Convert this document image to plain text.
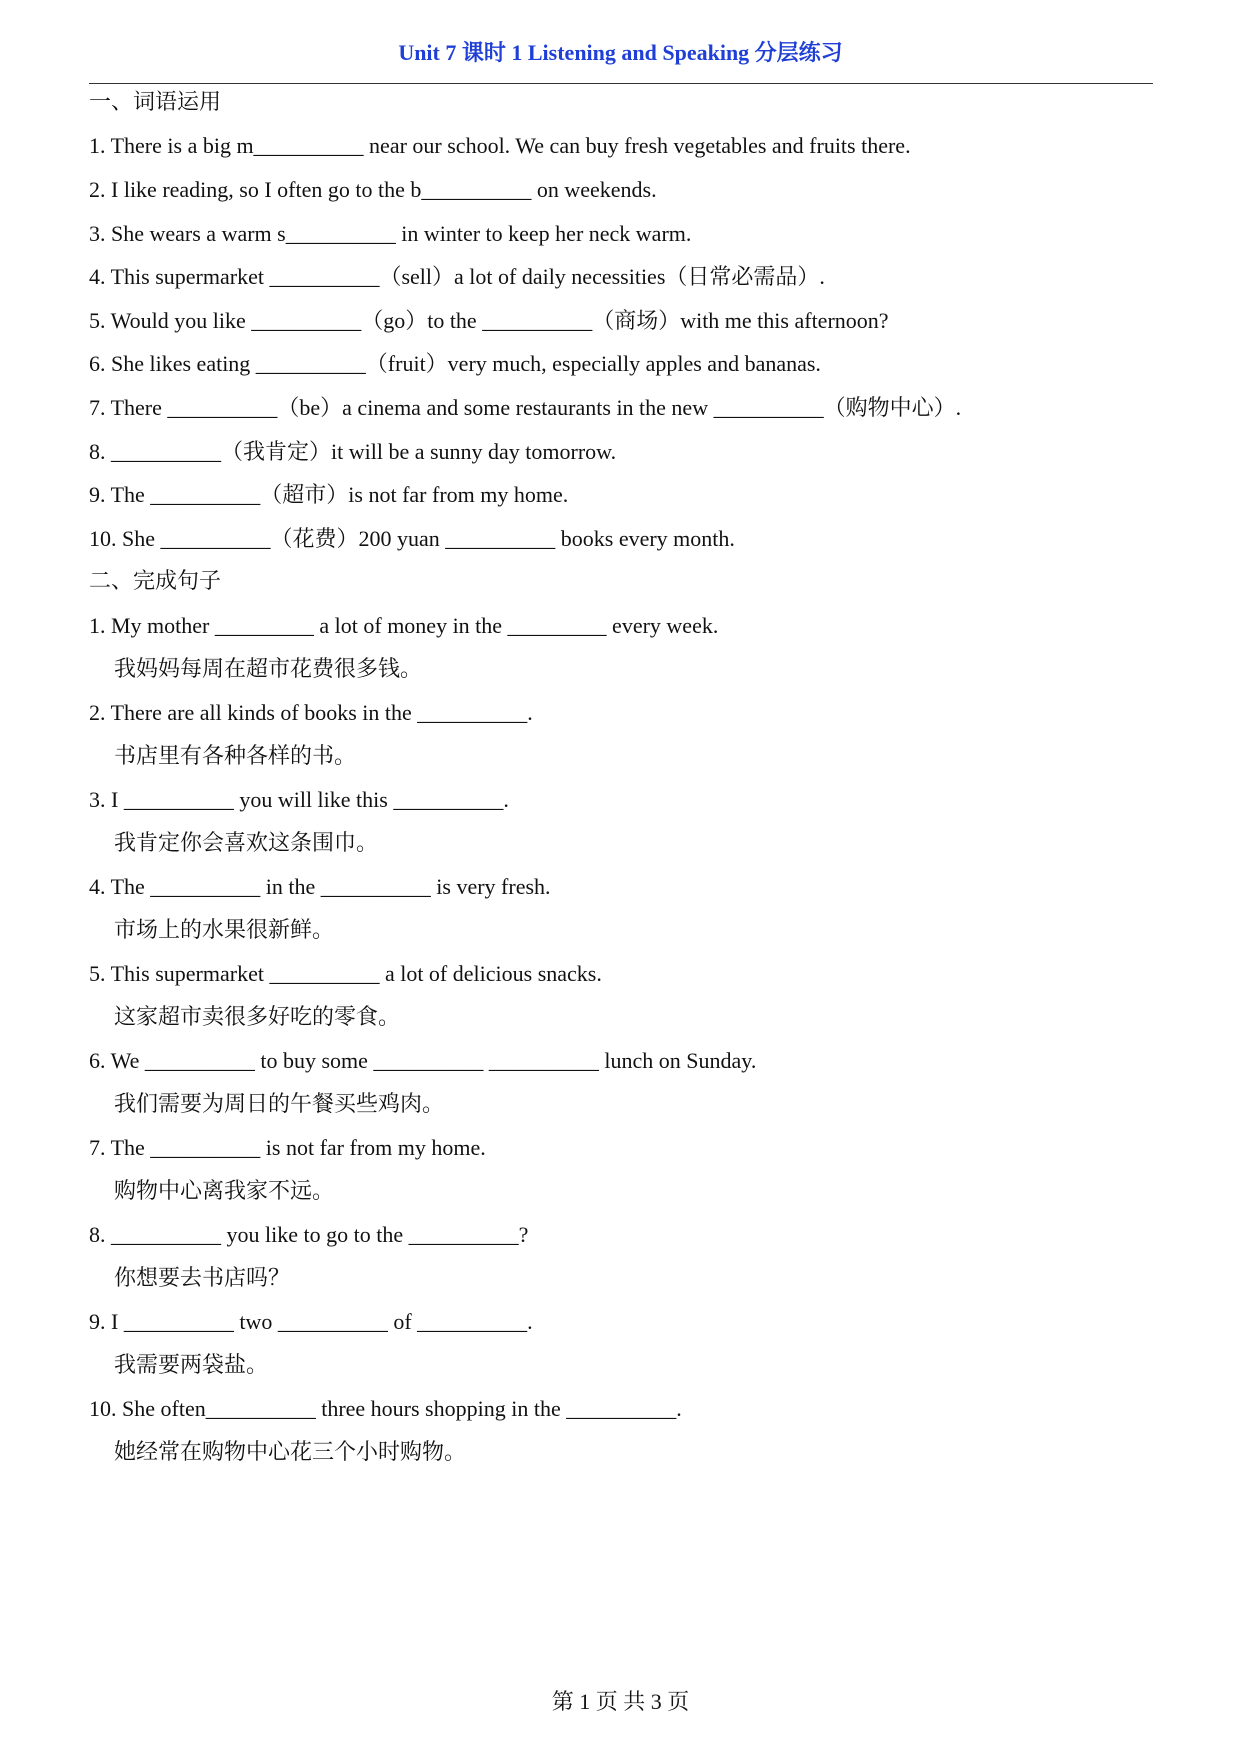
Unit 7 课时 1 Listening and Speaking 分层练习
一、词语运用
1. There is a big m__________ near our school. We can buy fresh vegetables and fruits there.
2. I like reading, so I often go to the b__________ on weekends.
3. She wears a warm s__________ in winter to keep her neck warm.
4. This supermarket __________（sell）a lot of daily necessities（日常必需品）.
5. Would you like __________（go）to the __________（商场）with me this afternoon?
6. She likes eating __________（fruit）very much, especially apples and bananas.
7. There __________（be）a cinema and some restaurants in the new __________（购物中心）.
8. __________（我肯定）it will be a sunny day tomorrow.
9. The __________（超市）is not far from my home.
10. She __________（花费）200 yuan __________ books every month.
二、完成句子
1. My mother _________ a lot of money in the _________ every week.
我妈妈每周在超市花费很多钱。
2. There are all kinds of books in the __________.
书店里有各种各样的书。
3. I __________ you will like this __________.
我肯定你会喜欢这条围巾。
4. The __________ in the __________ is very fresh.
市场上的水果很新鲜。
5. This supermarket __________ a lot of delicious snacks.
这家超市卖很多好吃的零食。
6. We __________ to buy some __________ __________ lunch on Sunday.
我们需要为周日的午餐买些鸡肉。
7. The __________ is not far from my home.
购物中心离我家不远。
8. __________ you like to go to the __________?
你想要去书店吗？
9. I __________ two __________ of __________.
我需要两袋盐。
10. She often__________ three hours shopping in the __________.
她经常在购物中心花三个小时购物。
第 1 页 共 3 页
